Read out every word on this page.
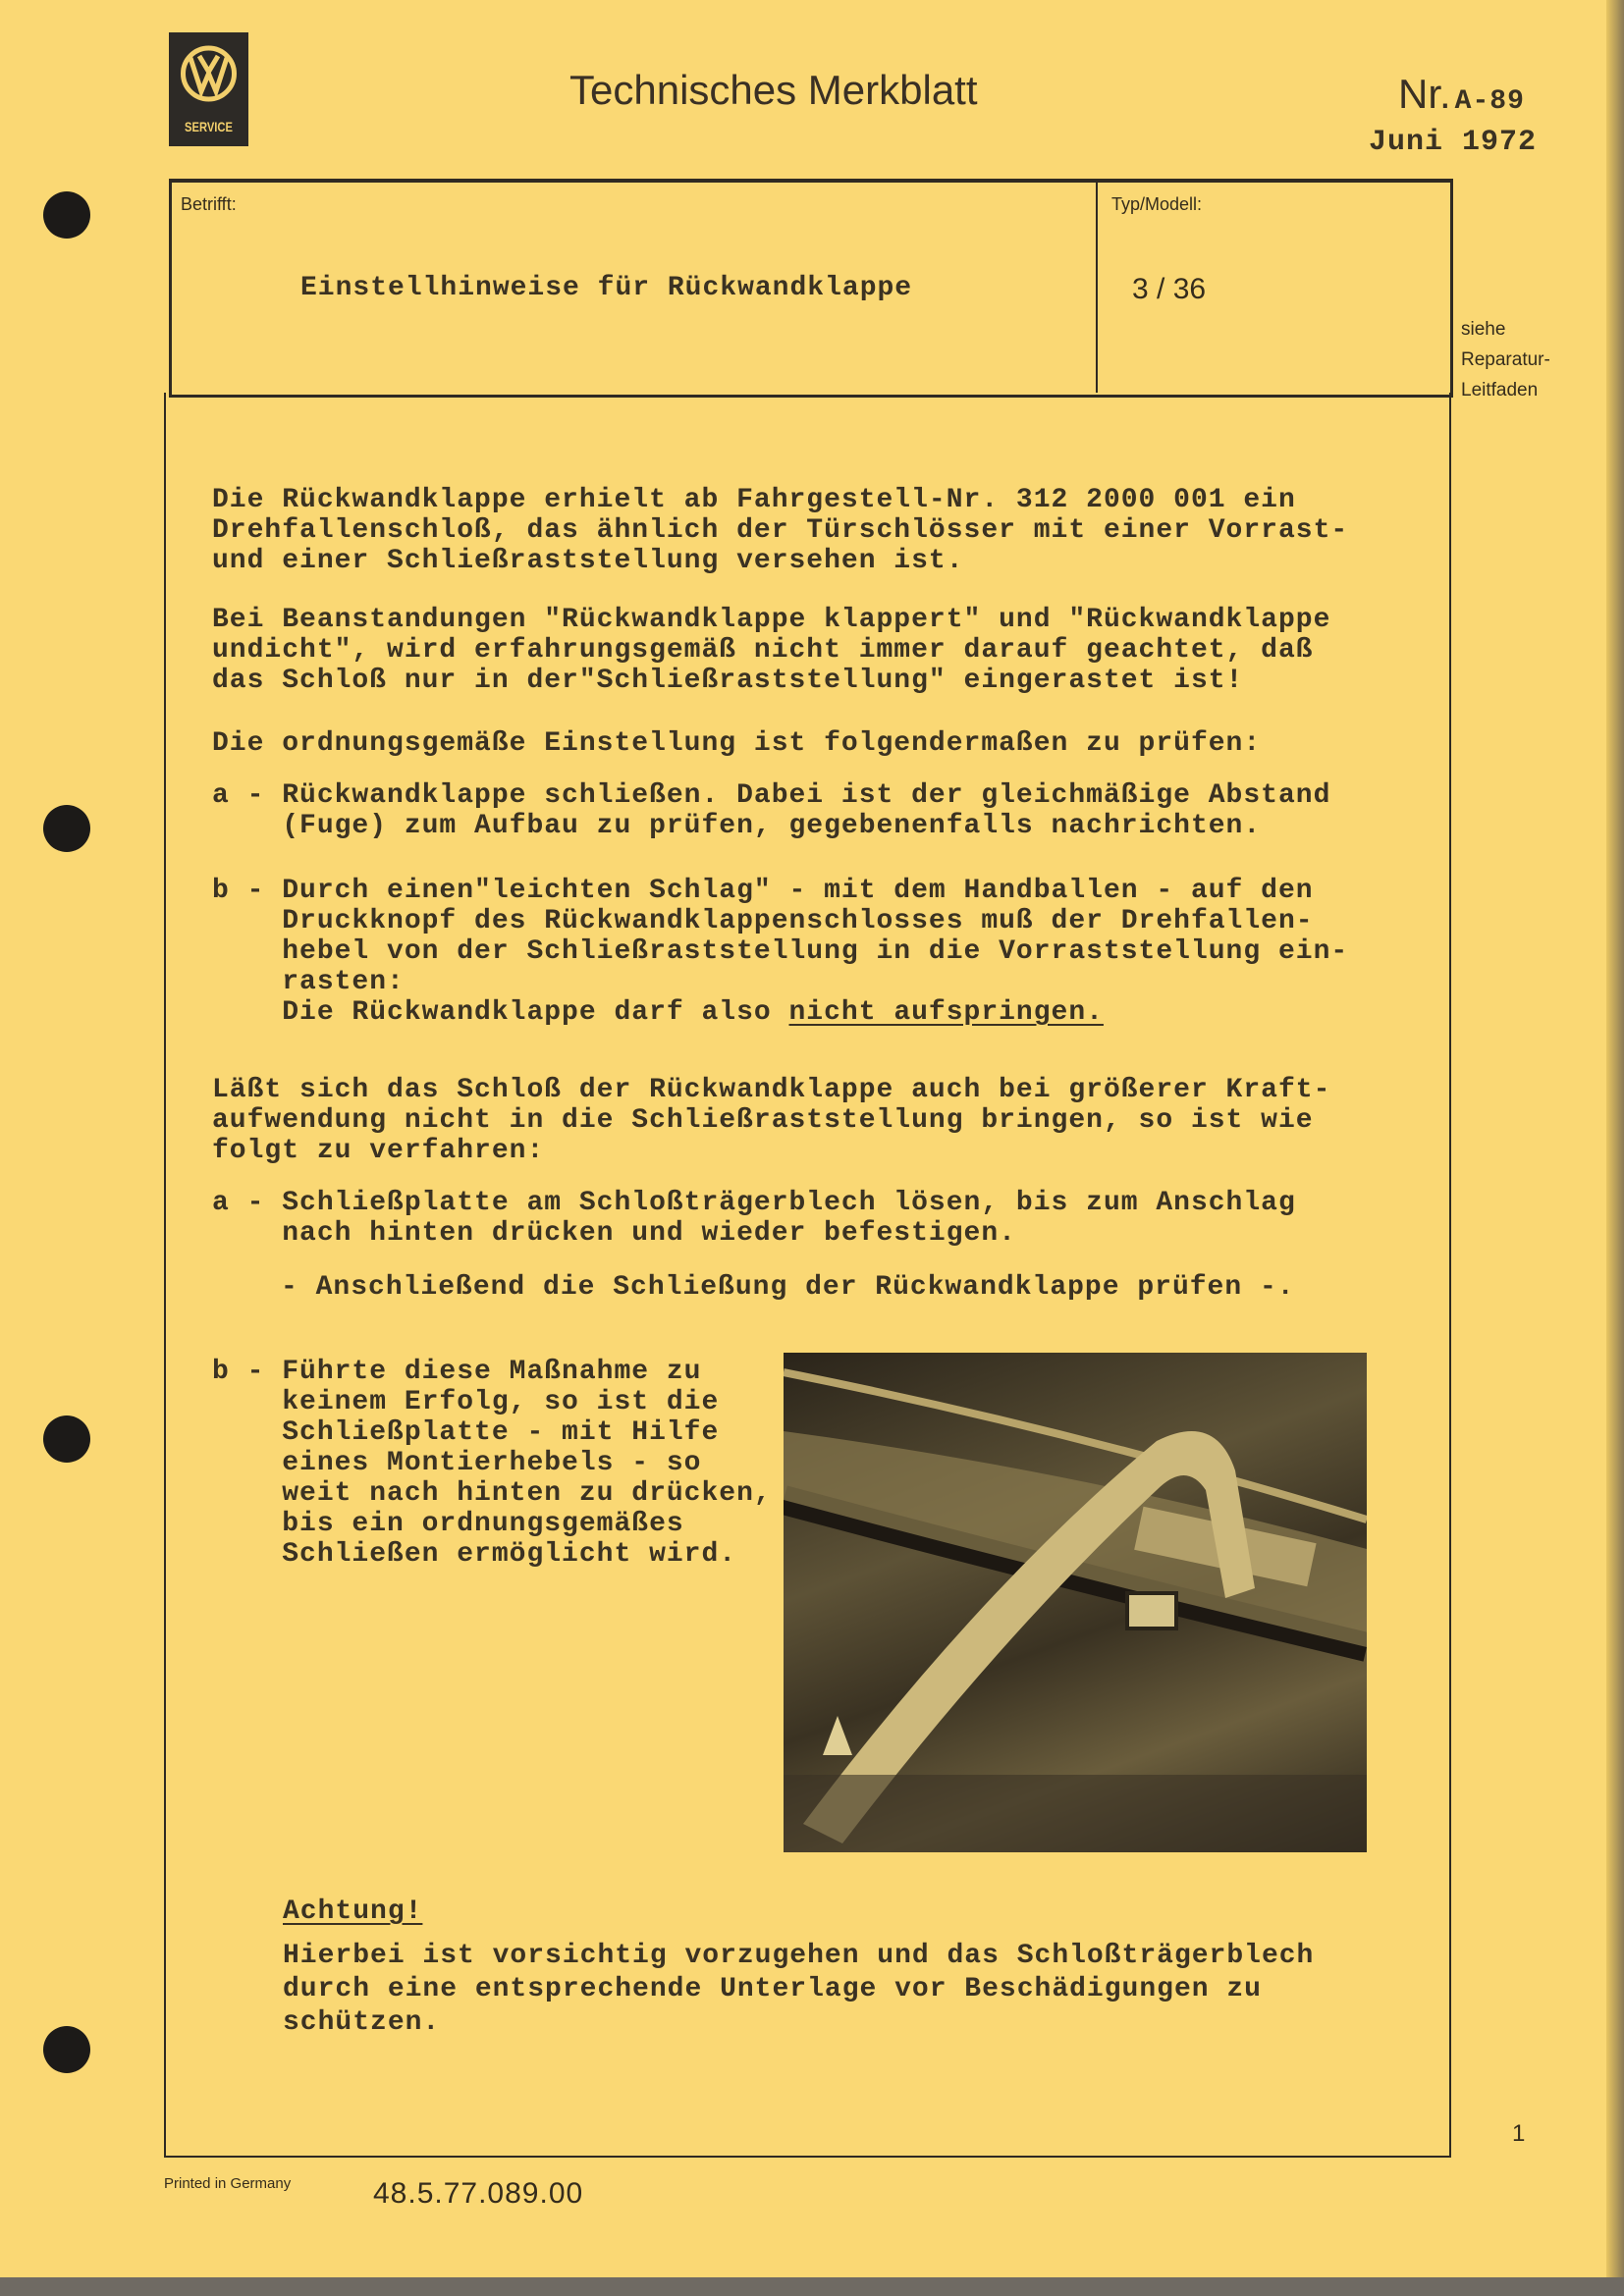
SERVICE
Technisches Merkblatt	Nr. A-89
Juni 1972
Betrifft:
Einstellhinweise für Rückwandklappe
Typ/Modell:
3 / 36
siehe
Reparatur-
Leitfaden
Die Rückwandklappe erhielt ab Fahrgestell-Nr. 312 2000 001 ein
Drehfallenschloß, das ähnlich der Türschlösser mit einer Vorrast-
und einer Schließraststellung versehen ist.
Bei Beanstandungen "Rückwandklappe klappert" und "Rückwandklappe
undicht", wird erfahrungsgemäß nicht immer darauf geachtet, daß
das Schloß nur in der"Schließraststellung" eingerastet ist!
Die ordnungsgemäße Einstellung ist folgendermaßen zu prüfen:
a - Rückwandklappe schließen. Dabei ist der gleichmäßige Abstand
(Fuge) zum Aufbau zu prüfen, gegebenenfalls nachrichten.
b - Durch einen"leichten Schlag" - mit dem Handballen - auf den
Druckknopf des Rückwandklappenschlosses muß der Drehfallen-
hebel von der Schließraststellung in die Vorraststellung ein-
rasten:
Die Rückwandklappe darf also nicht aufspringen.
Läßt sich das Schloß der Rückwandklappe auch bei größerer Kraft-
aufwendung nicht in die Schließraststellung bringen, so ist wie
folgt zu verfahren:
a - Schließplatte am Schloßträgerblech lösen, bis zum Anschlag
nach hinten drücken und wieder befestigen.
- Anschließend die Schließung der Rückwandklappe prüfen -.
b - Führte diese Maßnahme zu
keinem Erfolg, so ist die
Schließplatte - mit Hilfe
eines Montierhebels - so
weit nach hinten zu drücken,
bis ein ordnungsgemäßes
Schließen ermöglicht wird.
Achtung!
Hierbei ist vorsichtig vorzugehen und das Schloßträgerblech
durch eine entsprechende Unterlage vor Beschädigungen zu
schützen.
1
Printed in Germany	48.5.77.089.00
